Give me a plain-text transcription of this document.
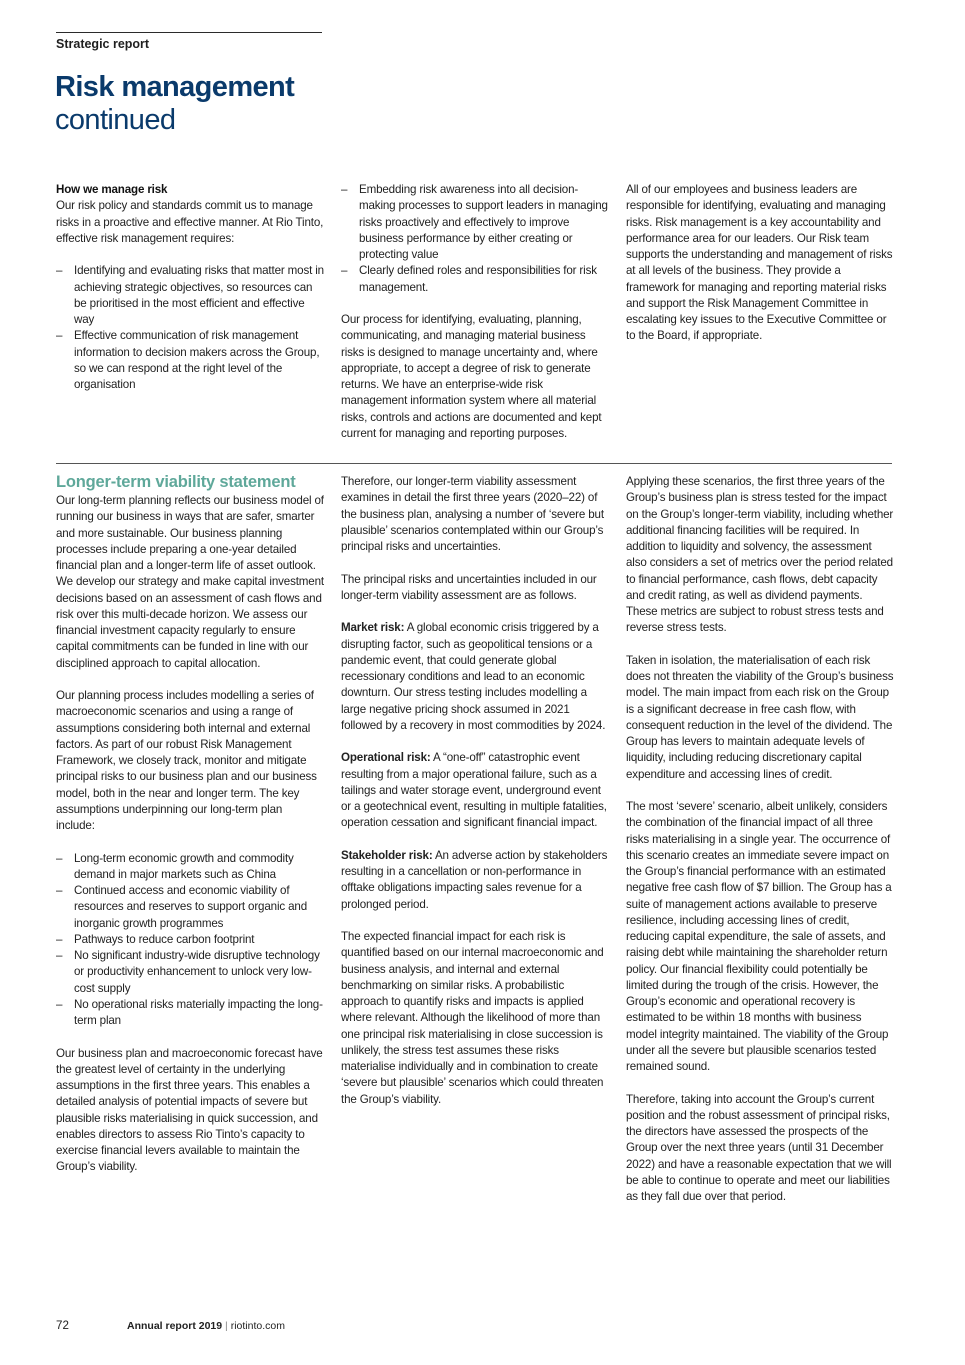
Strategic report
Risk management
continued
How we manage risk

Our risk policy and standards commit us to manage risks in a proactive and effective manner. At Rio Tinto, effective risk management requires:

– Identifying and evaluating risks that matter most in achieving strategic objectives, so resources can be prioritised in the most efficient and effective way
– Effective communication of risk management information to decision makers across the Group, so we can respond at the right level of the organisation
– Embedding risk awareness into all decision-making processes to support leaders in managing risks proactively and effectively to improve business performance by either creating or protecting value
– Clearly defined roles and responsibilities for risk management.

Our process for identifying, evaluating, planning, communicating, and managing material business risks is designed to manage uncertainty and, where appropriate, to accept a degree of risk to generate returns. We have an enterprise-wide risk management information system where all material risks, controls and actions are documented and kept current for managing and reporting purposes.

All of our employees and business leaders are responsible for identifying, evaluating and managing risks. Risk management is a key accountability and performance area for our leaders. Our Risk team supports the understanding and management of risks at all levels of the business. They provide a framework for managing and reporting material risks and support the Risk Management Committee in escalating key issues to the Executive Committee or to the Board, if appropriate.

Longer-term viability statement

Our long-term planning reflects our business model of running our business in ways that are safer, smarter and more sustainable. Our business planning processes include preparing a one-year detailed financial plan and a longer-term life of asset outlook. We develop our strategy and make capital investment decisions based on an assessment of cash flows and risk over this multi-decade horizon. We assess our financial investment capacity regularly to ensure capital commitments can be funded in line with our disciplined approach to capital allocation.

Our planning process includes modelling a series of macroeconomic scenarios and using a range of assumptions considering both internal and external factors. As part of our robust Risk Management Framework, we closely track, monitor and mitigate principal risks to our business plan and our business model, both in the near and longer term. The key assumptions underpinning our long-term plan include:

– Long-term economic growth and commodity demand in major markets such as China
– Continued access and economic viability of resources and reserves to support organic and inorganic growth programmes
– Pathways to reduce carbon footprint
– No significant industry-wide disruptive technology or productivity enhancement to unlock very low-cost supply
– No operational risks materially impacting the long-term plan

Our business plan and macroeconomic forecast have the greatest level of certainty in the underlying assumptions in the first three years. This enables a detailed analysis of potential impacts of severe but plausible risks materialising in quick succession, and enables directors to assess Rio Tinto’s capacity to exercise financial levers available to maintain the Group’s viability.

Therefore, our longer-term viability assessment examines in detail the first three years (2020–22) of the business plan, analysing a number of ‘severe but plausible’ scenarios contemplated within our Group’s principal risks and uncertainties.

The principal risks and uncertainties included in our longer-term viability assessment are as follows.

Market risk: A global economic crisis triggered by a disrupting factor, such as geopolitical tensions or a pandemic event, that could generate global recessionary conditions and lead to an economic downturn. Our stress testing includes modelling a large negative pricing shock assumed in 2021 followed by a recovery in most commodities by 2024.

Operational risk: A “one-off” catastrophic event resulting from a major operational failure, such as a tailings and water storage event, underground event or a geotechnical event, resulting in multiple fatalities, operation cessation and significant financial impact.

Stakeholder risk: An adverse action by stakeholders resulting in a cancellation or non-performance in offtake obligations impacting sales revenue for a prolonged period.

The expected financial impact for each risk is quantified based on our internal macroeconomic and business analysis, and internal and external benchmarking on similar risks. A probabilistic approach to quantify risks and impacts is applied where relevant. Although the likelihood of more than one principal risk materialising in close succession is unlikely, the stress test assumes these risks materialise individually and in combination to create ‘severe but plausible’ scenarios which could threaten the Group’s viability.

Applying these scenarios, the first three years of the Group’s business plan is stress tested for the impact on the Group’s longer-term viability, including whether additional financing facilities will be required. In addition to liquidity and solvency, the assessment also considers a set of metrics over the period related to financial performance, cash flows, debt capacity and credit rating, as well as dividend payments. These metrics are subject to robust stress tests and reverse stress tests.

Taken in isolation, the materialisation of each risk does not threaten the viability of the Group’s business model. The main impact from each risk on the Group is a significant decrease in free cash flow, with consequent reduction in the level of the dividend. The Group has levers to maintain adequate levels of liquidity, including reducing discretionary capital expenditure and accessing lines of credit.

The most ‘severe’ scenario, albeit unlikely, considers the combination of the financial impact of all three risks materialising in a single year. The occurrence of this scenario creates an immediate severe impact on the Group’s financial performance with an estimated negative free cash flow of $7 billion. The Group has a suite of management actions available to preserve resilience, including accessing lines of credit, reducing capital expenditure, the sale of assets, and raising debt while maintaining the shareholder return policy. Our financial flexibility could potentially be limited during the trough of the crisis. However, the Group’s economic and operational recovery is estimated to be within 18 months with business model integrity maintained. The viability of the Group under all the severe but plausible scenarios tested remained sound.

Therefore, taking into account the Group’s current position and the robust assessment of principal risks, the directors have assessed the prospects of the Group over the next three years (until 31 December 2022) and have a reasonable expectation that we will be able to continue to operate and meet our liabilities as they fall due over that period.

72	Annual report 2019 | riotinto.com
